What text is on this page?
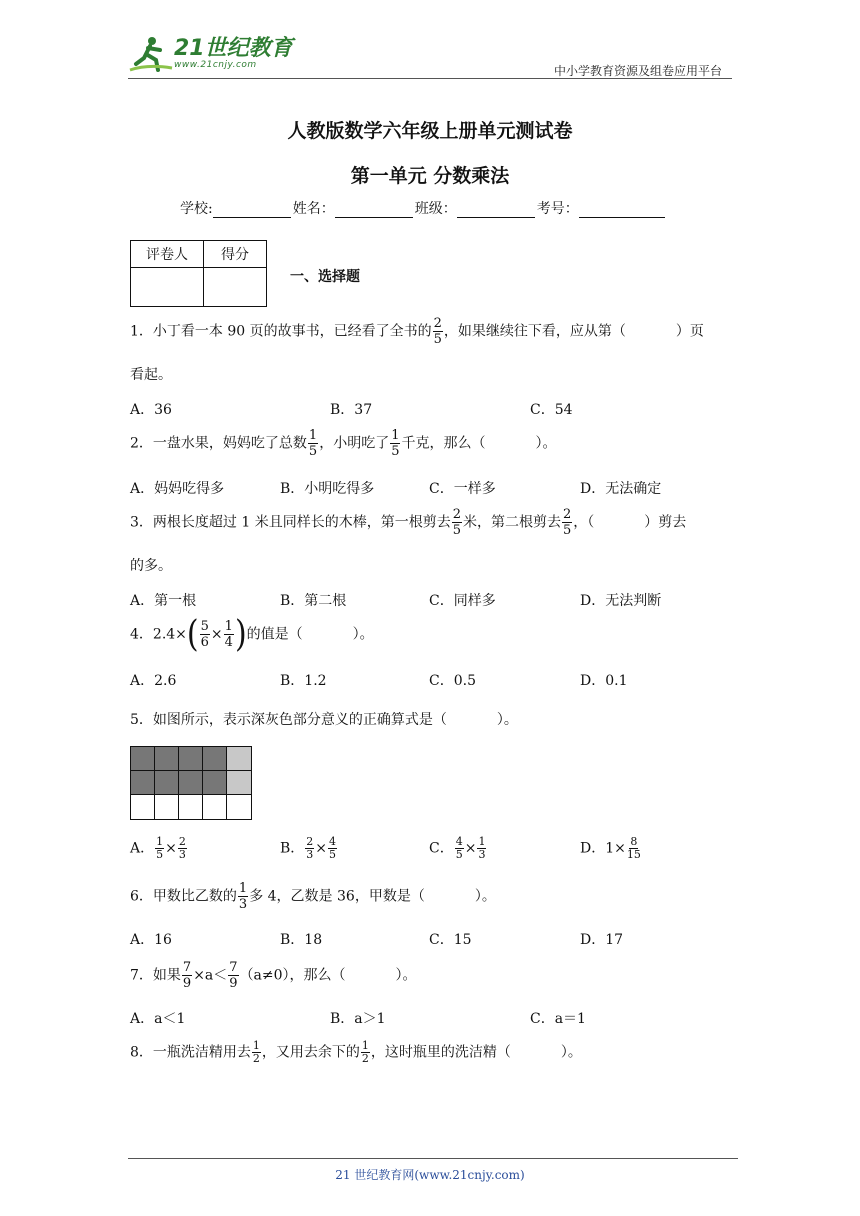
21世纪教育
www.21cnjy.com	中小学教育资源及组卷应用平台
人教版数学六年级上册单元测试卷
第一单元 分数乘法
学校:	姓名：	班级：	考号：
评卷人	得分

一、选择题
1．小丁看一本 90 页的故事书，已经看了全书的 $\frac{2}{5}$ ，如果继续往下看，应从第（	）页
看起。
A．36	B．37	C．54
2．一盘水果，妈妈吃了总数 $\frac{1}{5}$ ，小明吃了 $\frac{1}{5}$ 千克，那么（	）。
A．妈妈吃得多	B．小明吃得多	C．一样多	D．无法确定
3．两根长度超过 1 米且同样长的木棒，第一根剪去 $\frac{2}{5}$ 米，第二根剪去 $\frac{2}{5}$ ，（	）剪去
的多。
A．第一根	B．第二根	C．同样多	D．无法判断
4．$2.4\times( \frac{5}{6} \times \frac{1}{4}$ )的值是（	）。
A．2.6	B．1.2	C．0.5	D．0.1
5．如图所示，表示深灰色部分意义的正确算式是（	）。
A． $\frac{1}{5} \times \frac{2}{3}$	B． $\frac{2}{3} \times \frac{4}{5}$	C． $\frac{4}{5} \times \frac{1}{3}$	D．$1\times \frac{8}{15}$
6．甲数比乙数的 $\frac{1}{3}$ 多 4，乙数是 36，甲数是（	）。
A．16	B．18	C．15	D．17
7．如果 $\frac{7}{9} \times a< \frac{7}{9} (a\ne 0)$，那么（	）。
A．a＜1	B．a＞1	C．a＝1
8．一瓶洗洁精用去 $\frac{1}{2}$ ，又用去余下的 $\frac{1}{2}$ ，这时瓶里的洗洁精（	）。
21 世纪教育网(www.21cnjy.com)
